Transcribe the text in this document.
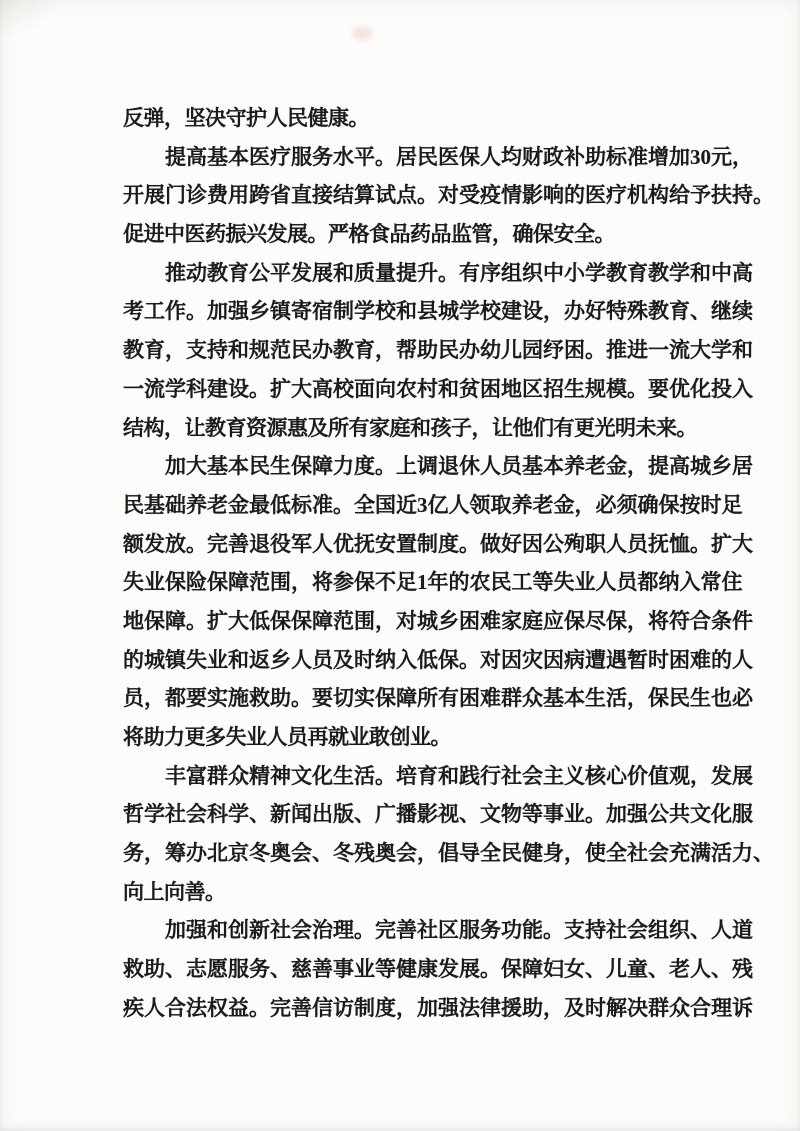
反弹，坚决守护人民健康。
提 高 基 本 医 疗 服 务 水 平 。 居 民 医 保 人 均 财 政 补 助 标 准 增 加 30 元 ，
开 展 门 诊 费 用 跨 省 直 接 结 算 试 点 。 对 受 疫 情 影 响 的 医 疗 机 构 给 予 扶 持 。
促进中医药振兴发展。严格食品药品监管，确保安全。
推 动 教 育 公 平 发 展 和 质 量 提 升 。 有 序 组 织 中 小 学 教 育 教 学 和 中 高
考 工 作 。 加 强 乡 镇 寄 宿 制 学 校 和 县 城 学 校 建 设 ， 办 好 特 殊 教 育 、 继 续
教 育 ， 支 持 和 规 范 民 办 教 育 ， 帮 助 民 办 幼 儿 园 纾 困 。 推 进 一 流 大 学 和
一 流 学 科 建 设 。 扩 大 高 校 面 向 农 村 和 贫 困 地 区 招 生 规 模 。 要 优 化 投 入
结构，让教育资源惠及所有家庭和孩子，让他们有更光明未来。
加 大 基 本 民 生 保 障 力 度 。 上 调 退 休 人 员 基 本 养 老 金 ， 提 高 城 乡 居
民 基 础 养 老 金 最 低 标 准 。 全 国 近 3 亿 人 领 取 养 老 金 ， 必 须 确 保 按 时 足
额 发 放 。 完 善 退 役 军 人 优 抚 安 置 制 度 。 做 好 因 公 殉 职 人 员 抚 恤 。 扩 大
失 业 保 险 保 障 范 围 ， 将 参 保 不 足 1 年 的 农 民 工 等 失 业 人 员 都 纳 入 常 住
地 保 障 。 扩 大 低 保 保 障 范 围 ， 对 城 乡 困 难 家 庭 应 保 尽 保 ， 将 符 合 条 件
的 城 镇 失 业 和 返 乡 人 员 及 时 纳 入 低 保 。 对 因 灾 因 病 遭 遇 暂 时 困 难 的 人
员 ， 都 要 实 施 救 助 。 要 切 实 保 障 所 有 困 难 群 众 基 本 生 活 ， 保 民 生 也 必
将助力更多失业人员再就业敢创业。
丰 富 群 众 精 神 文 化 生 活 。 培 育 和 践 行 社 会 主 义 核 心 价 值 观 ， 发 展
哲 学 社 会 科 学 、 新 闻 出 版 、 广 播 影 视 、 文 物 等 事 业 。 加 强 公 共 文 化 服
务 ， 筹 办 北 京 冬 奥 会 、 冬 残 奥 会 ， 倡 导 全 民 健 身 ， 使 全 社 会 充 满 活 力 、
向上向善。
加 强 和 创 新 社 会 治 理 。 完 善 社 区 服 务 功 能 。 支 持 社 会 组 织 、 人 道
救 助 、 志 愿 服 务 、 慈 善 事 业 等 健 康 发 展 。 保 障 妇 女 、 儿 童 、 老 人 、 残
疾 人 合 法 权 益 。 完 善 信 访 制 度 ， 加 强 法 律 援 助 ， 及 时 解 决 群 众 合 理 诉
